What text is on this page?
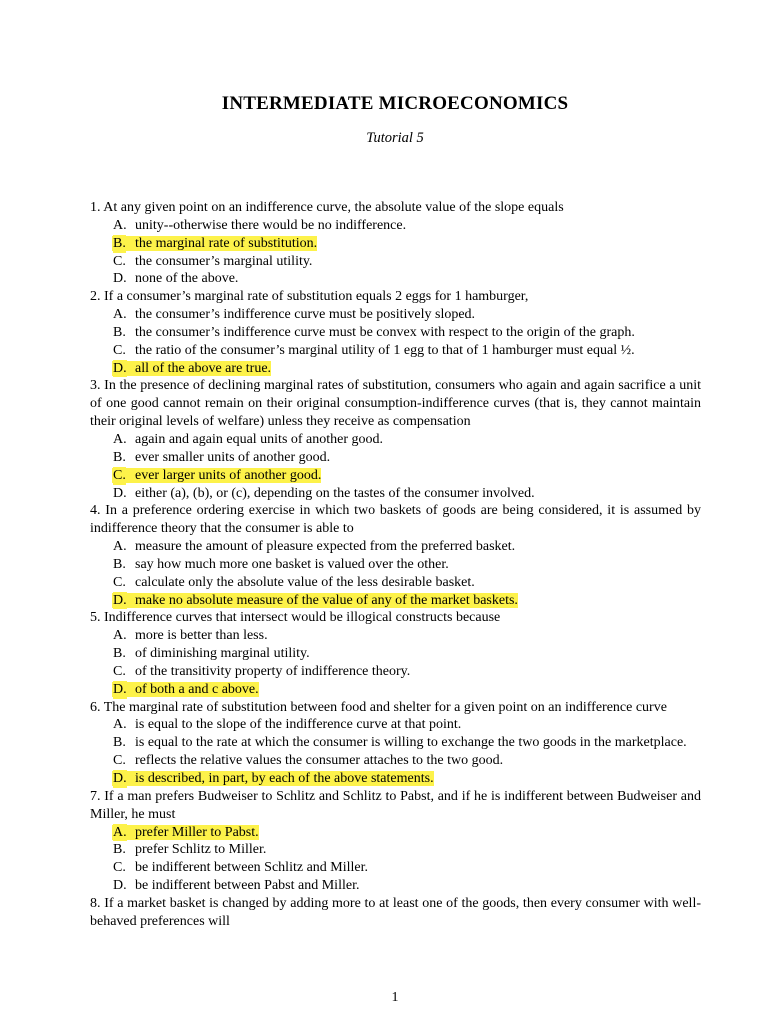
INTERMEDIATE MICROECONOMICS
Tutorial 5
1. At any given point on an indifference curve, the absolute value of the slope equals
A. unity--otherwise there would be no indifference.
B. the marginal rate of substitution.
C. the consumer’s marginal utility.
D. none of the above.
2. If a consumer’s marginal rate of substitution equals 2 eggs for 1 hamburger,
A. the consumer’s indifference curve must be positively sloped.
B. the consumer’s indifference curve must be convex with respect to the origin of the graph.
C. the ratio of the consumer’s marginal utility of 1 egg to that of 1 hamburger must equal ½.
D. all of the above are true.
3. In the presence of declining marginal rates of substitution, consumers who again and again sacrifice a unit of one good cannot remain on their original consumption-indifference curves (that is, they cannot maintain their original levels of welfare) unless they receive as compensation
A. again and again equal units of another good.
B. ever smaller units of another good.
C. ever larger units of another good.
D. either (a), (b), or (c), depending on the tastes of the consumer involved.
4. In a preference ordering exercise in which two baskets of goods are being considered, it is assumed by indifference theory that the consumer is able to
A. measure the amount of pleasure expected from the preferred basket.
B. say how much more one basket is valued over the other.
C. calculate only the absolute value of the less desirable basket.
D. make no absolute measure of the value of any of the market baskets.
5. Indifference curves that intersect would be illogical constructs because
A. more is better than less.
B. of diminishing marginal utility.
C. of the transitivity property of indifference theory.
D. of both a and c above.
6. The marginal rate of substitution between food and shelter for a given point on an indifference curve
A. is equal to the slope of the indifference curve at that point.
B. is equal to the rate at which the consumer is willing to exchange the two goods in the marketplace.
C. reflects the relative values the consumer attaches to the two good.
D. is described, in part, by each of the above statements.
7. If a man prefers Budweiser to Schlitz and Schlitz to Pabst, and if he is indifferent between Budweiser and Miller, he must
A. prefer Miller to Pabst.
B. prefer Schlitz to Miller.
C. be indifferent between Schlitz and Miller.
D. be indifferent between Pabst and Miller.
8. If a market basket is changed by adding more to at least one of the goods, then every consumer with well-behaved preferences will
1
